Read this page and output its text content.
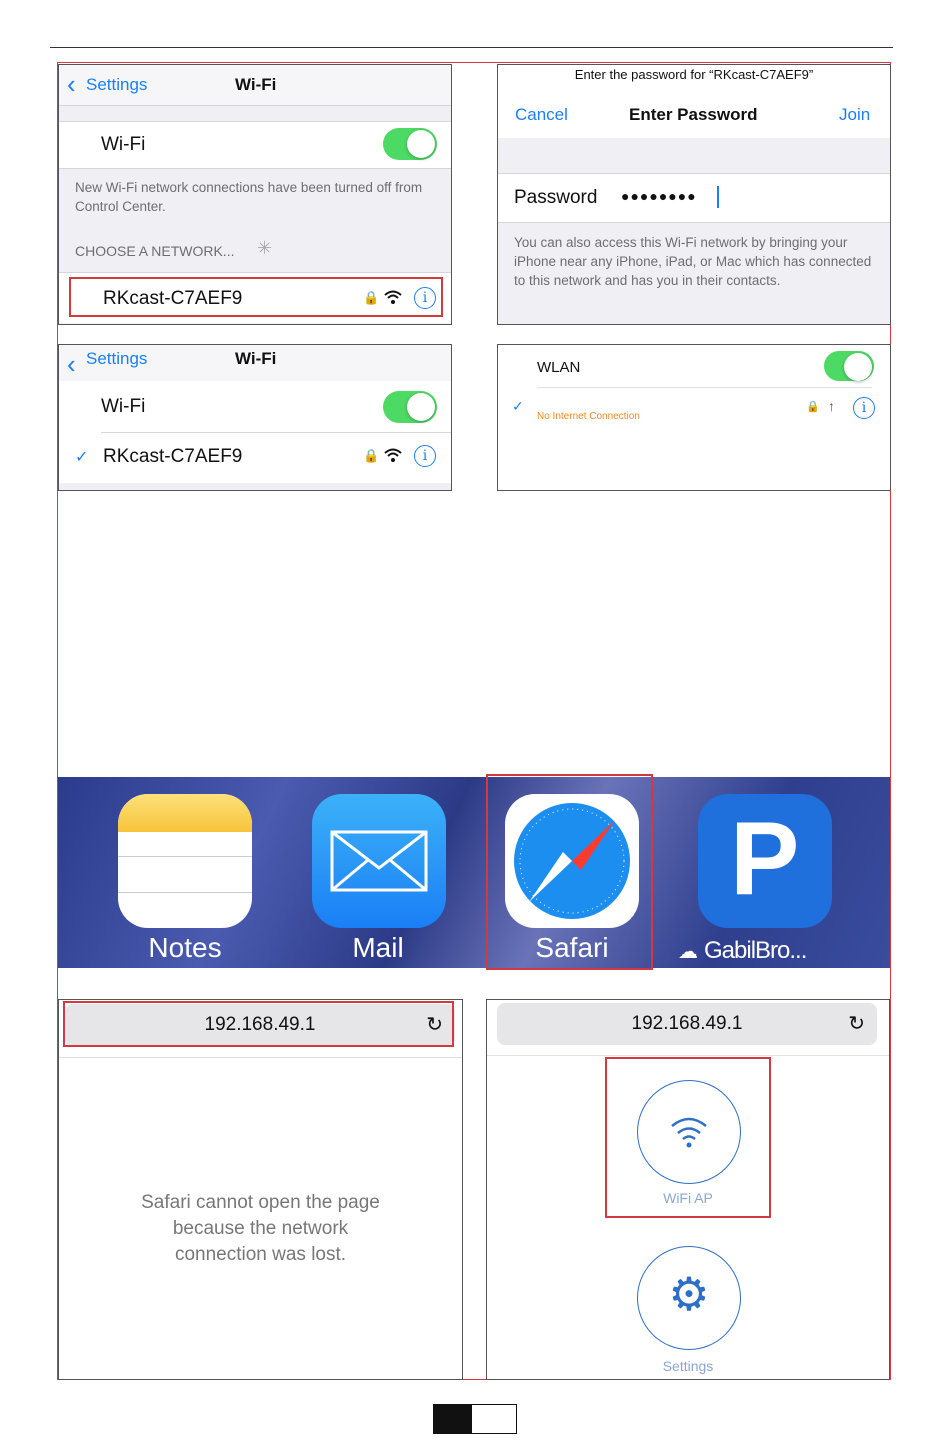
‹ Settings	Wi-Fi
Wi-Fi
New Wi-Fi network connections have been turned off from Control Center.
CHOOSE A NETWORK... ✳
RKcast-C7AEF9	🔒	i
Enter the password for “RKcast-C7AEF9”
Cancel	Enter Password	Join
Password ●●●●●●●●
You can also access this Wi-Fi network by bringing your iPhone near any iPhone, iPad, or Mac which has connected to this network and has you in their contacts.
‹ Settings	Wi-Fi
Wi-Fi
✓ RKcast-C7AEF9	🔒	i
WLAN
✓
No Internet Connection
🔒 ↑	i
Notes	Mail	Safari
P
☁ GabilBro...
192.168.49.1	↻
Safari cannot open the page
because the network
connection was lost.
192.168.49.1	↻
WiFi AP
⚙
Settings
